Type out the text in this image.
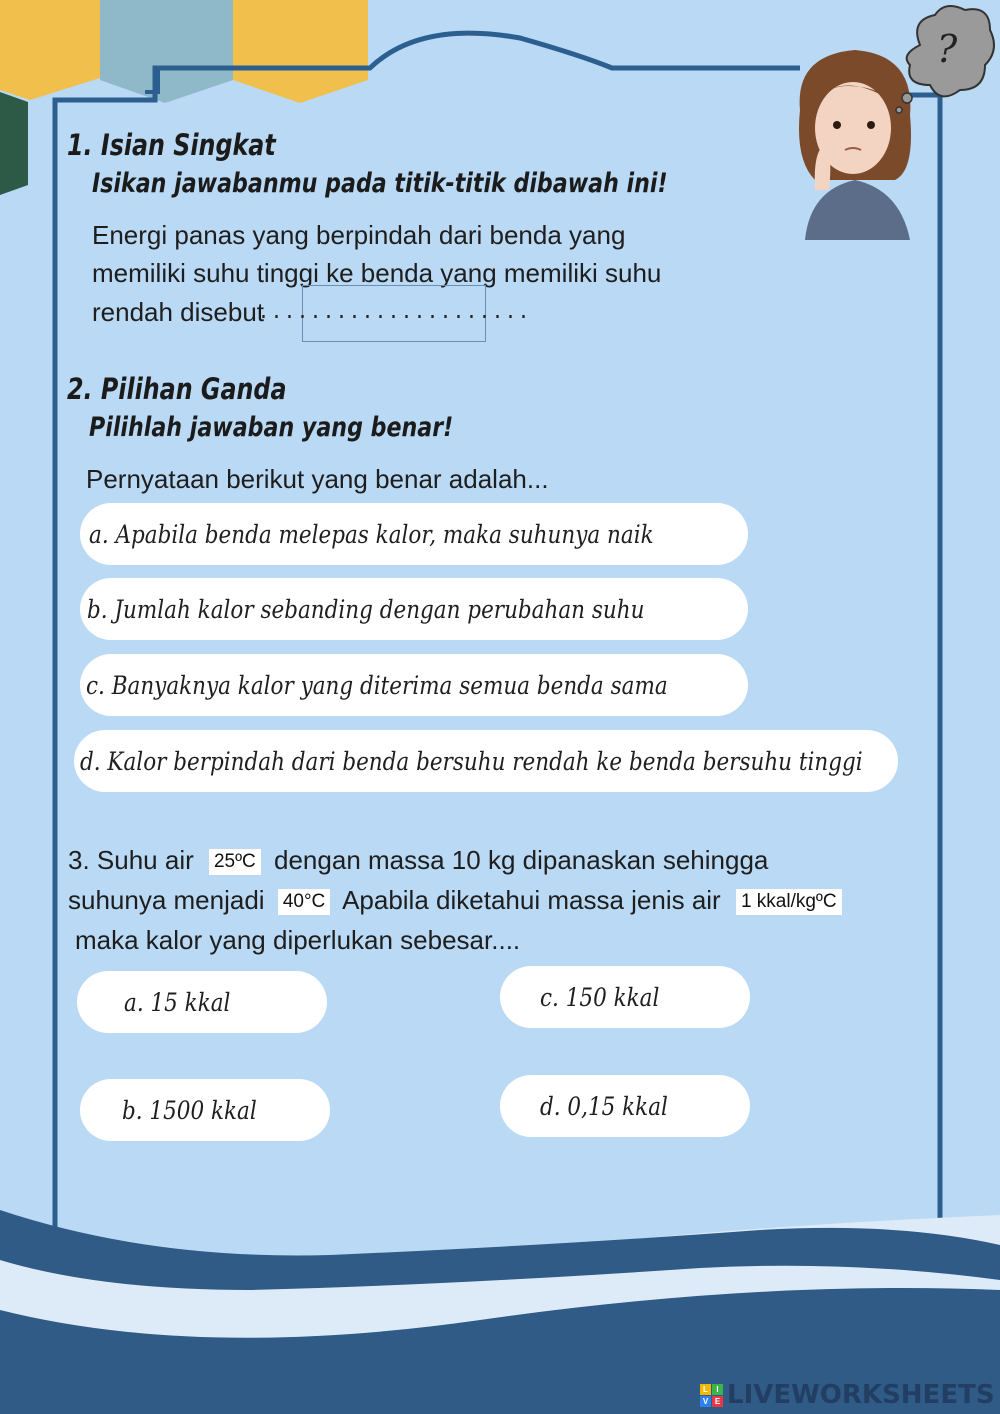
?
1. Isian Singkat
Isikan jawabanmu pada titik-titik dibawah ini!
Energi panas yang berpindah dari benda yang
memiliki suhu tinggi ke benda yang memiliki suhu
rendah disebut
.....................
2. Pilihan Ganda
Pilihlah jawaban yang benar!
Pernyataan berikut yang benar adalah...
a. Apabila benda melepas kalor, maka suhunya naik
b. Jumlah kalor sebanding dengan perubahan suhu
c. Banyaknya kalor yang diterima semua benda sama
d. Kalor berpindah dari benda bersuhu rendah ke benda bersuhu tinggi
3. Suhu air 25ºC dengan massa 10 kg dipanaskan sehingga
suhunya menjadi 40°C Apabila diketahui massa jenis air 1 kkal/kgºC
maka kalor yang diperlukan sebesar....
a. 15 kkal	c. 150 kkal
b. 1500 kkal	d. 0,15 kkal
L	I
V E LIVEWORKSHEETS
